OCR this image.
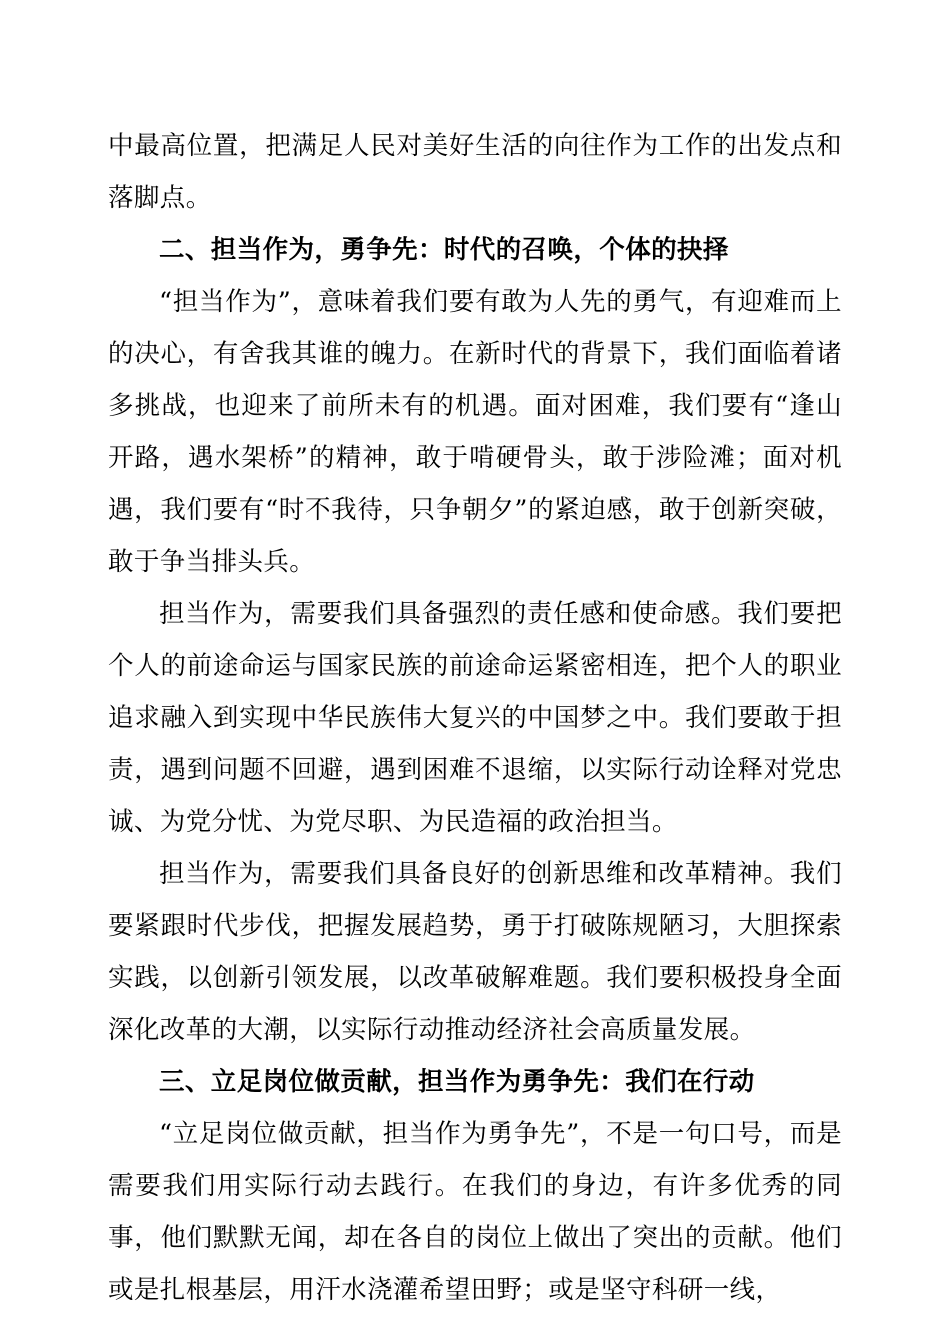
中最高位置，把满足人民对美好生活的向往作为工作的出发点和落脚点。

二、担当作为，勇争先：时代的召唤，个体的抉择

“担当作为”，意味着我们要有敢为人先的勇气，有迎难而上的决心，有舍我其谁的魄力。在新时代的背景下，我们面临着诸多挑战，也迎来了前所未有的机遇。面对困难，我们要有“逢山开路，遇水架桥”的精神，敢于啃硬骨头，敢于涉险滩；面对机遇，我们要有“时不我待，只争朝夕”的紧迫感，敢于创新突破，敢于争当排头兵。

担当作为，需要我们具备强烈的责任感和使命感。我们要把个人的前途命运与国家民族的前途命运紧密相连，把个人的职业追求融入到实现中华民族伟大复兴的中国梦之中。我们要敢于担责，遇到问题不回避，遇到困难不退缩，以实际行动诠释对党忠诚、为党分忧、为党尽职、为民造福的政治担当。

担当作为，需要我们具备良好的创新思维和改革精神。我们要紧跟时代步伐，把握发展趋势，勇于打破陈规陋习，大胆探索实践，以创新引领发展，以改革破解难题。我们要积极投身全面深化改革的大潮，以实际行动推动经济社会高质量发展。

三、立足岗位做贡献，担当作为勇争先：我们在行动

“立足岗位做贡献，担当作为勇争先”，不是一句口号，而是需要我们用实际行动去践行。在我们的身边，有许多优秀的同事，他们默默无闻，却在各自的岗位上做出了突出的贡献。他们或是扎根基层，用汗水浇灌希望田野；或是坚守科研一线，
